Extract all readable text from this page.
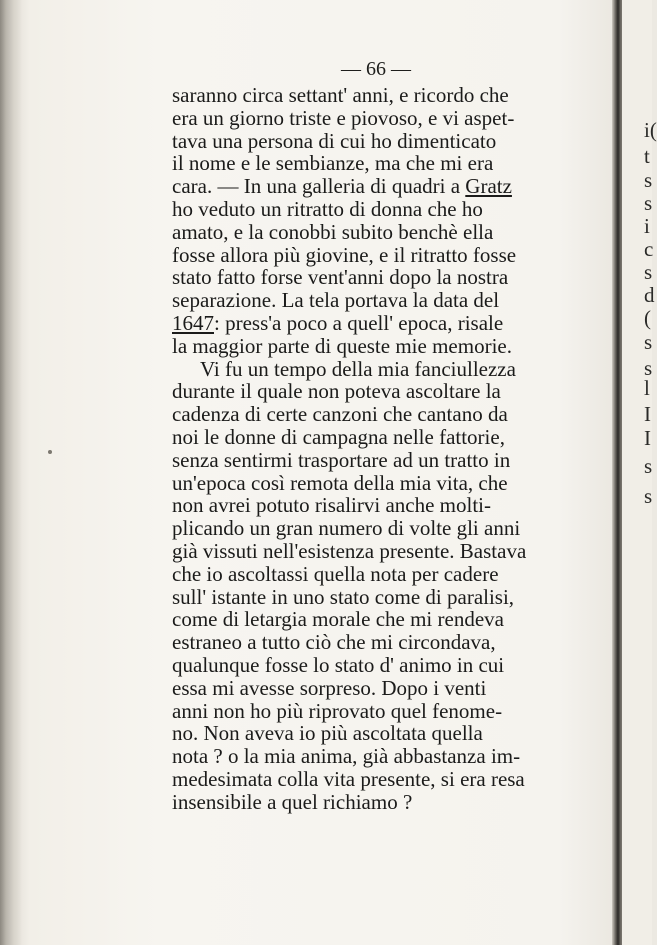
— 66 —
saranno circa settant' anni, e ricordo che
era un giorno triste e piovoso, e vi aspet-
tava una persona di cui ho dimenticato
il nome e le sembianze, ma che mi era
cara. — In una galleria di quadri a Gratz
ho veduto un ritratto di donna che ho
amato, e la conobbi subito benchè ella
fosse allora più giovine, e il ritratto fosse
stato fatto forse vent'anni dopo la nostra
separazione. La tela portava la data del
1647: press'a poco a quell' epoca, risale
la maggior parte di queste mie memorie.
Vi fu un tempo della mia fanciullezza
durante il quale non poteva ascoltare la
cadenza di certe canzoni che cantano da
noi le donne di campagna nelle fattorie,
senza sentirmi trasportare ad un tratto in
un'epoca così remota della mia vita, che
non avrei potuto risalirvi anche molti-
plicando un gran numero di volte gli anni
già vissuti nell'esistenza presente. Bastava
che io ascoltassi quella nota per cadere
sull' istante in uno stato come di paralisi,
come di letargia morale che mi rendeva
estraneo a tutto ciò che mi circondava,
qualunque fosse lo stato d' animo in cui
essa mi avesse sorpreso. Dopo i venti
anni non ho più riprovato quel fenome-
no. Non aveva io più ascoltata quella
nota ? o la mia anima, già abbastanza im-
medesimata colla vita presente, si era resa
insensibile a quel richiamo ?
i(
t
s
s
i
c
s
d
(
s
s
l
I
I
s
s
